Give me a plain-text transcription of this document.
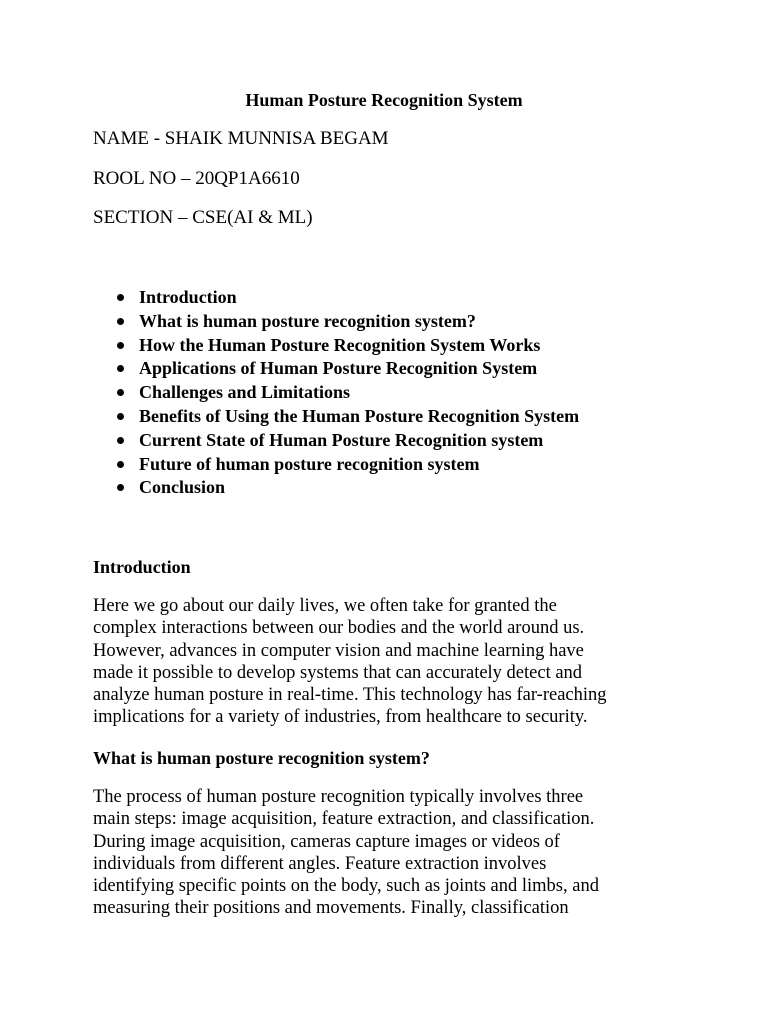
Human Posture Recognition System
NAME - SHAIK MUNNISA BEGAM
ROOL NO – 20QP1A6610
SECTION – CSE(AI & ML)
Introduction
What is human posture recognition system?
How the Human Posture Recognition System Works
Applications of Human Posture Recognition System
Challenges and Limitations
Benefits of Using the Human Posture Recognition System
Current State of Human Posture Recognition system
Future of human posture recognition system
Conclusion
Introduction

Here we go about our daily lives, we often take for granted the
complex interactions between our bodies and the world around us.
However, advances in computer vision and machine learning have
made it possible to develop systems that can accurately detect and
analyze human posture in real-time. This technology has far-reaching
implications for a variety of industries, from healthcare to security.

What is human posture recognition system?

The process of human posture recognition typically involves three
main steps: image acquisition, feature extraction, and classification.
During image acquisition, cameras capture images or videos of
individuals from different angles. Feature extraction involves
identifying specific points on the body, such as joints and limbs, and
measuring their positions and movements. Finally, classification
